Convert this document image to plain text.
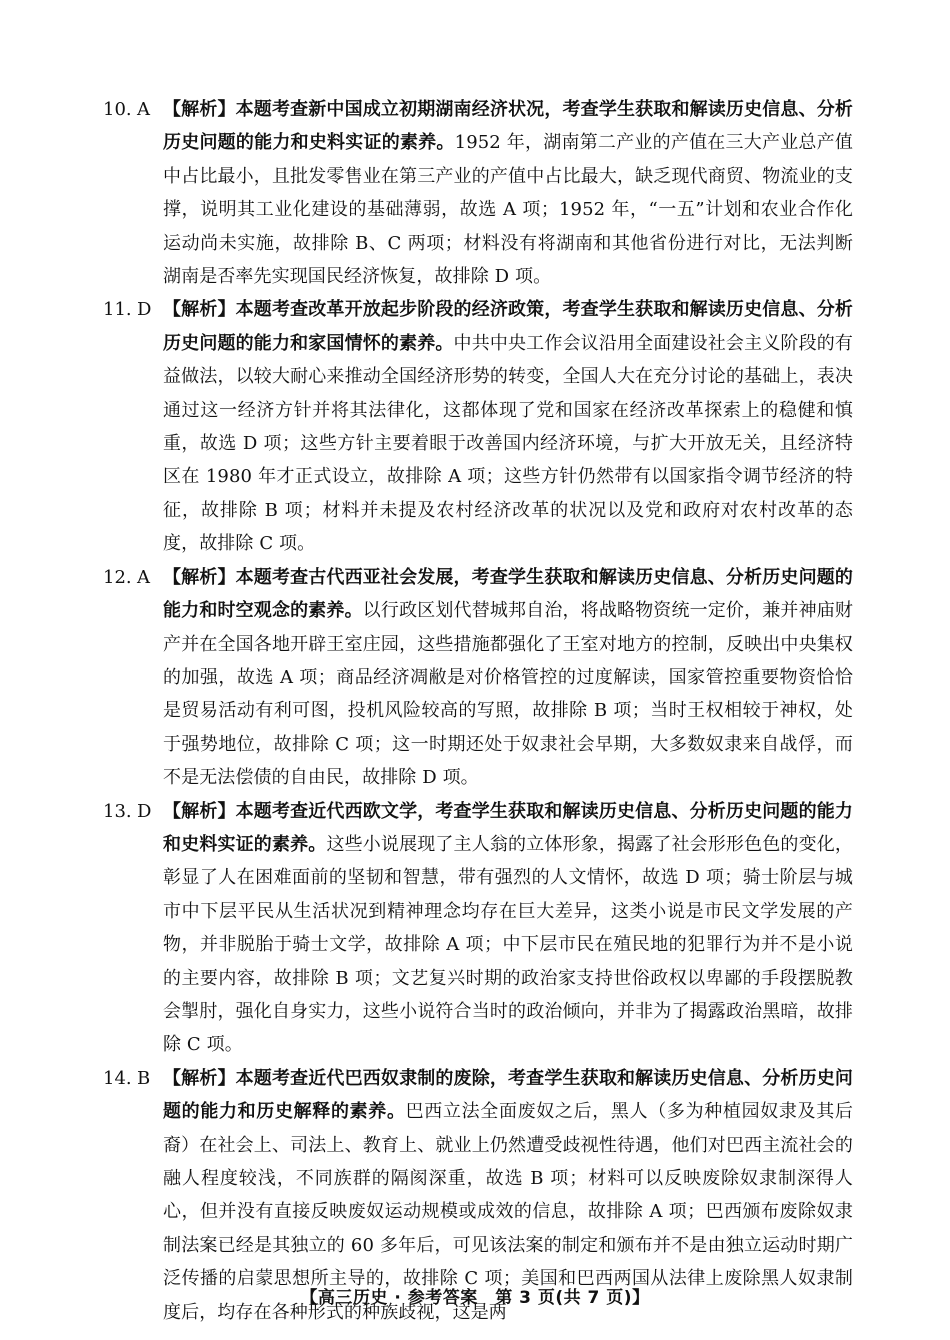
10. A 【解析】本题考查新中国成立初期湖南经济状况，考查学生获取和解读历史信息、分析历史问题的能力和史料实证的素养。1952 年，湖南第二产业的产值在三大产业总产值中占比最小，且批发零售业在第三产业的产值中占比最大，缺乏现代商贸、物流业的支撑，说明其工业化建设的基础薄弱，故选 A 项；1952 年，“一五”计划和农业合作化运动尚未实施，故排除 B、C 两项；材料没有将湖南和其他省份进行对比，无法判断湖南是否率先实现国民经济恢复，故排除 D 项。
11. D 【解析】本题考查改革开放起步阶段的经济政策，考查学生获取和解读历史信息、分析历史问题的能力和家国情怀的素养。中共中央工作会议沿用全面建设社会主义阶段的有益做法，以较大耐心来推动全国经济形势的转变，全国人大在充分讨论的基础上，表决通过这一经济方针并将其法律化，这都体现了党和国家在经济改革探索上的稳健和慎重，故选 D 项；这些方针主要着眼于改善国内经济环境，与扩大开放无关，且经济特区在 1980 年才正式设立，故排除 A 项；这些方针仍然带有以国家指令调节经济的特征，故排除 B 项；材料并未提及农村经济改革的状况以及党和政府对农村改革的态度，故排除 C 项。
12. A 【解析】本题考查古代西亚社会发展，考查学生获取和解读历史信息、分析历史问题的能力和时空观念的素养。以行政区划代替城邦自治，将战略物资统一定价，兼并神庙财产并在全国各地开辟王室庄园，这些措施都强化了王室对地方的控制，反映出中央集权的加强，故选 A 项；商品经济凋敝是对价格管控的过度解读，国家管控重要物资恰恰是贸易活动有利可图，投机风险较高的写照，故排除 B 项；当时王权相较于神权，处于强势地位，故排除 C 项；这一时期还处于奴隶社会早期，大多数奴隶来自战俘，而不是无法偿债的自由民，故排除 D 项。
13. D 【解析】本题考查近代西欧文学，考查学生获取和解读历史信息、分析历史问题的能力和史料实证的素养。这些小说展现了主人翁的立体形象，揭露了社会形形色色的变化，彰显了人在困难面前的坚韧和智慧，带有强烈的人文情怀，故选 D 项；骑士阶层与城市中下层平民从生活状况到精神理念均存在巨大差异，这类小说是市民文学发展的产物，并非脱胎于骑士文学，故排除 A 项；中下层市民在殖民地的犯罪行为并不是小说的主要内容，故排除 B 项；文艺复兴时期的政治家支持世俗政权以卑鄙的手段摆脱教会掣肘，强化自身实力，这些小说符合当时的政治倾向，并非为了揭露政治黑暗，故排除 C 项。
14. B 【解析】本题考查近代巴西奴隶制的废除，考查学生获取和解读历史信息、分析历史问题的能力和历史解释的素养。巴西立法全面废奴之后，黑人（多为种植园奴隶及其后裔）在社会上、司法上、教育上、就业上仍然遭受歧视性待遇，他们对巴西主流社会的融人程度较浅，不同族群的隔阂深重，故选 B 项；材料可以反映废除奴隶制深得人心，但并没有直接反映废奴运动规模或成效的信息，故排除 A 项；巴西颁布废除奴隶制法案已经是其独立的 60 多年后，可见该法案的制定和颁布并不是由独立运动时期广泛传播的启蒙思想所主导的，故排除 C 项；美国和巴西两国从法律上废除黑人奴隶制度后，均存在各种形式的种族歧视，这是两
【高三历史 · 参考答案　第 3 页(共 7 页)】
